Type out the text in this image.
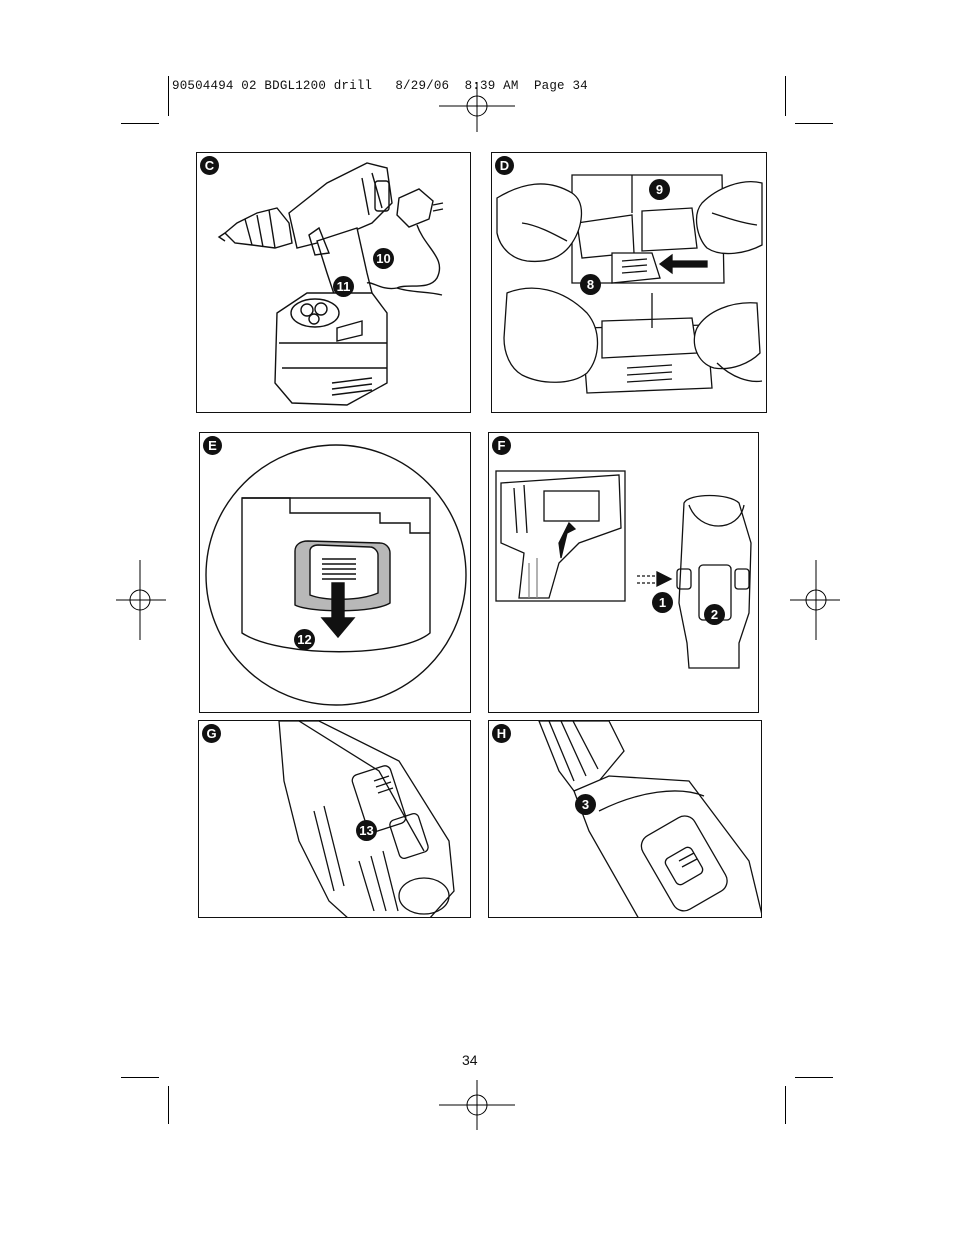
90504494 02 BDGL1200 drill   8/29/06  8:39 AM  Page 34
C
10
11
D
9
8
E
12
F
1
2
G
13
H
3
34
